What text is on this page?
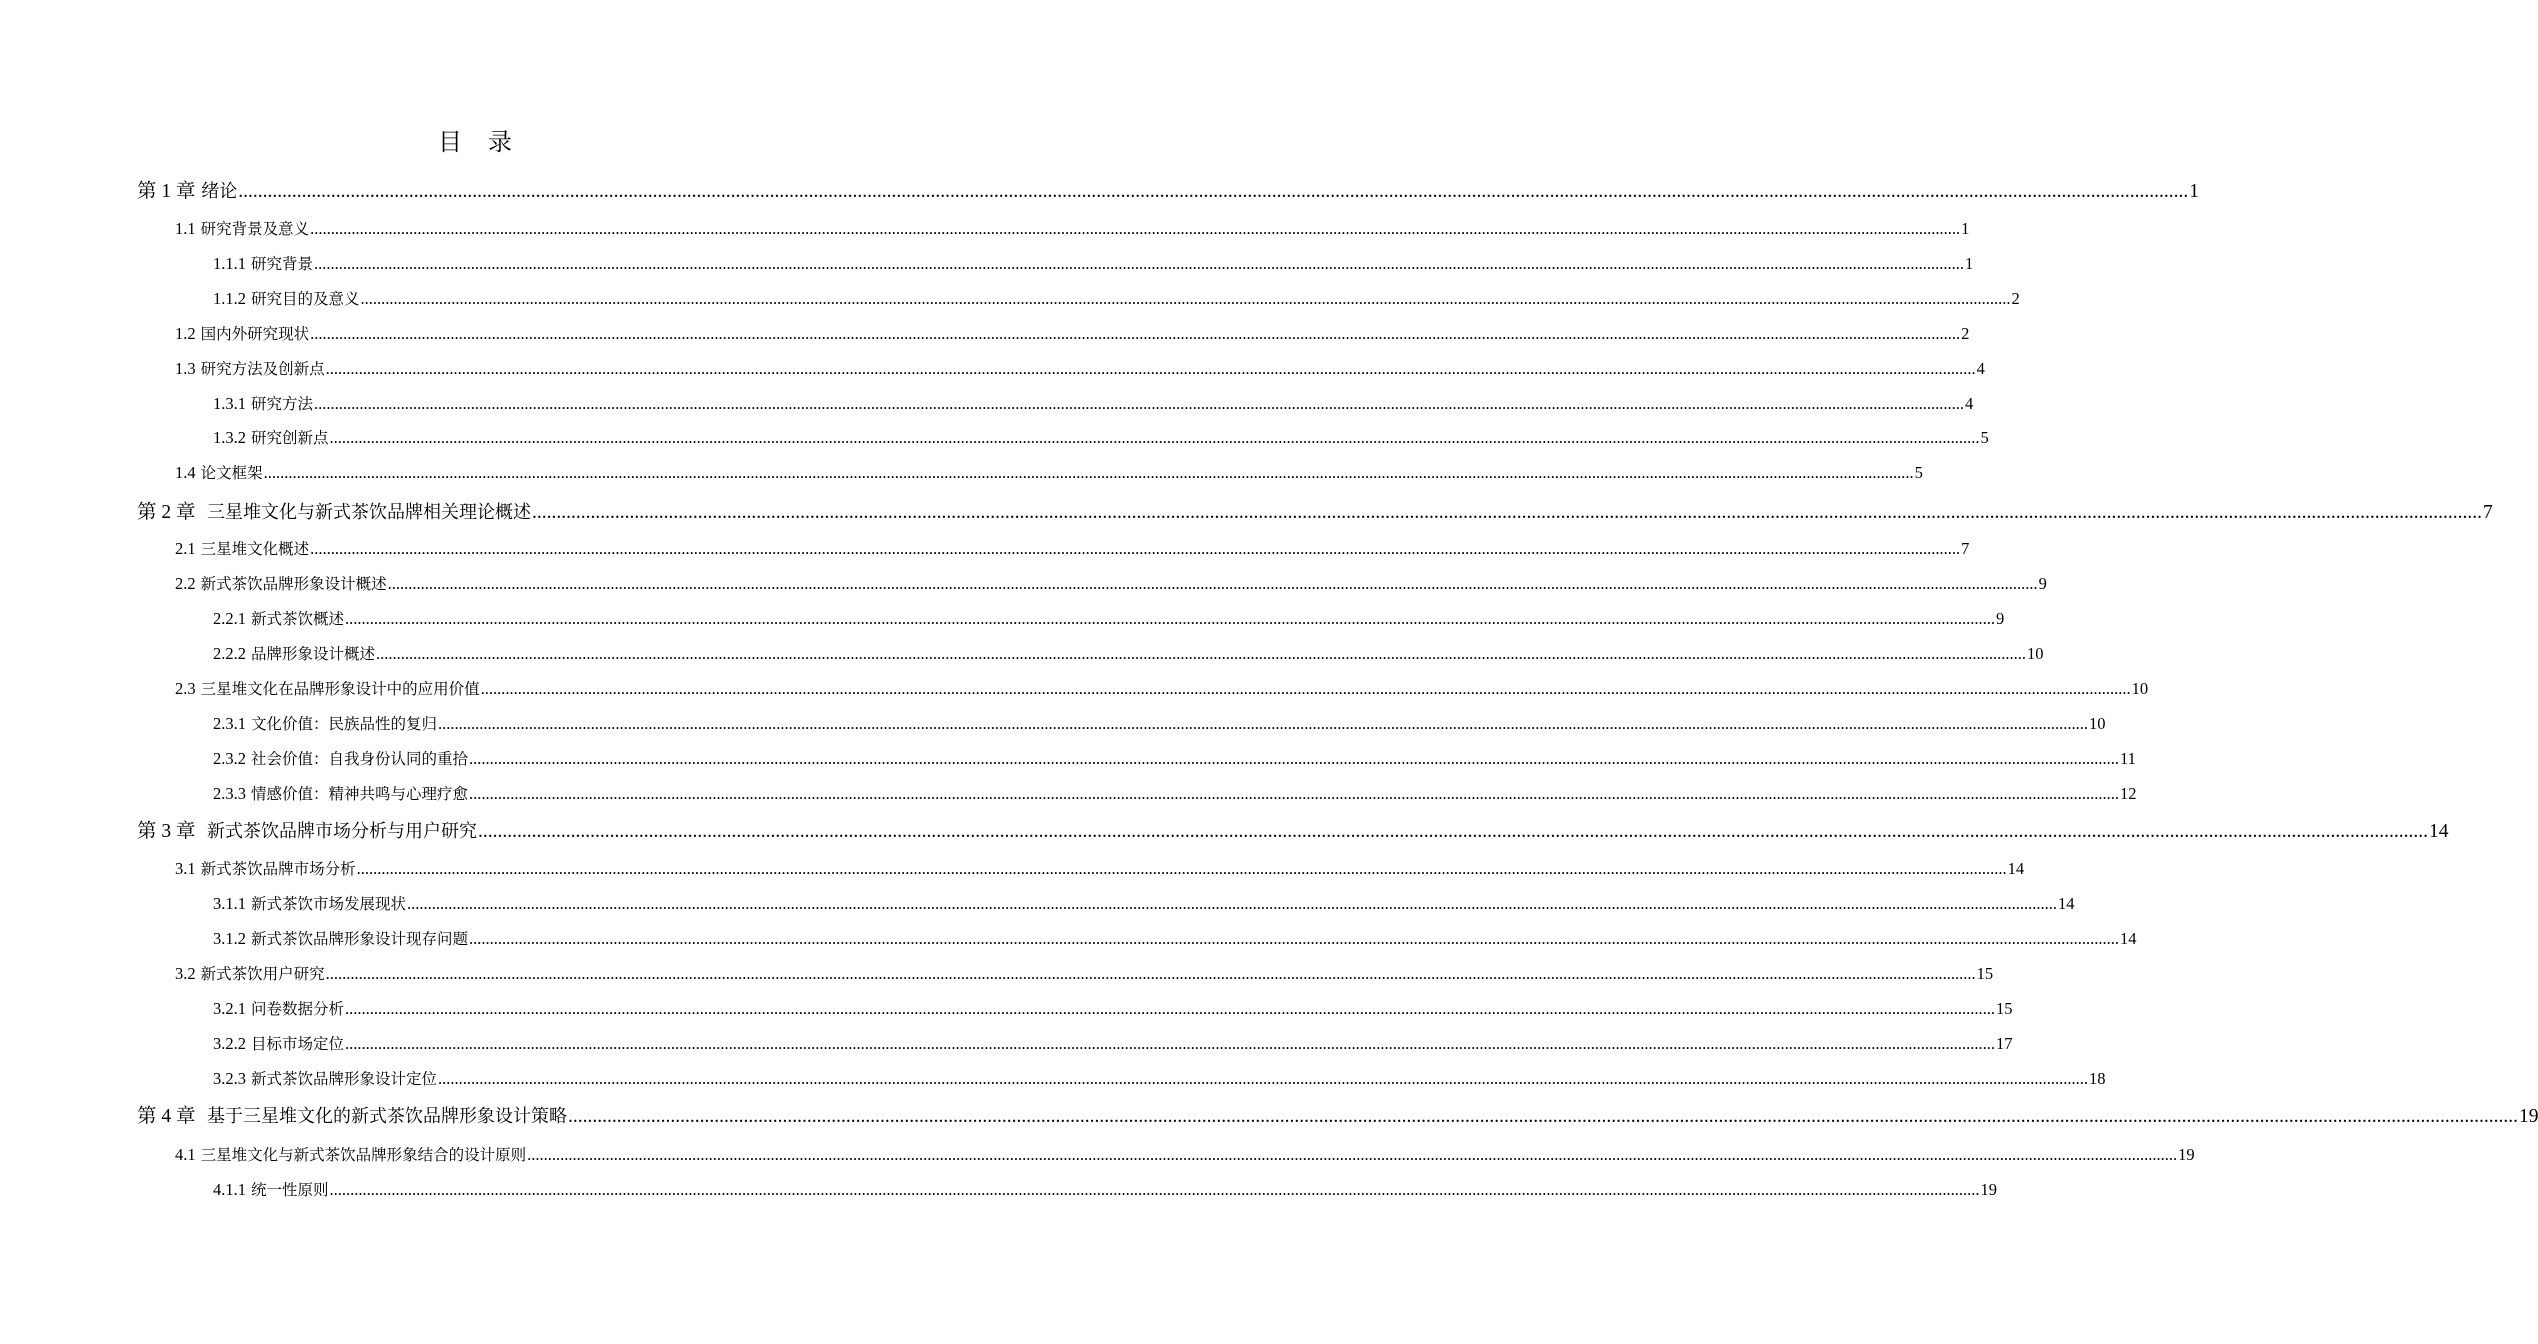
目 录
第 1 章 绪论 ................................................................................................................................................................................................................................................................................................................................................................................................................ 1
1.1 研究背景及意义 ................................................................................................................................................................................................................................................................................................................................................................................................................ 1
1.1.1 研究背景 ................................................................................................................................................................................................................................................................................................................................................................................................................ 1
1.1.2 研究目的及意义 ................................................................................................................................................................................................................................................................................................................................................................................................................ 2
1.2 国内外研究现状 ................................................................................................................................................................................................................................................................................................................................................................................................................ 2
1.3 研究方法及创新点 ................................................................................................................................................................................................................................................................................................................................................................................................................ 4
1.3.1 研究方法 ................................................................................................................................................................................................................................................................................................................................................................................................................ 4
1.3.2 研究创新点 ................................................................................................................................................................................................................................................................................................................................................................................................................ 5
1.4 论文框架 ................................................................................................................................................................................................................................................................................................................................................................................................................ 5
第 2 章 三星堆文化与新式茶饮品牌相关理论概述 ................................................................................................................................................................................................................................................................................................................................................................................................................ 7
2.1 三星堆文化概述 ................................................................................................................................................................................................................................................................................................................................................................................................................ 7
2.2 新式茶饮品牌形象设计概述 ................................................................................................................................................................................................................................................................................................................................................................................................................ 9
2.2.1 新式茶饮概述 ................................................................................................................................................................................................................................................................................................................................................................................................................ 9
2.2.2 品牌形象设计概述 ................................................................................................................................................................................................................................................................................................................................................................................................................ 10
2.3 三星堆文化在品牌形象设计中的应用价值 ................................................................................................................................................................................................................................................................................................................................................................................................................ 10
2.3.1 文化价值：民族品性的复归 ................................................................................................................................................................................................................................................................................................................................................................................................................ 10
2.3.2 社会价值：自我身份认同的重拾 ................................................................................................................................................................................................................................................................................................................................................................................................................ 11
2.3.3 情感价值：精神共鸣与心理疗愈 ................................................................................................................................................................................................................................................................................................................................................................................................................ 12
第 3 章 新式茶饮品牌市场分析与用户研究 ................................................................................................................................................................................................................................................................................................................................................................................................................ 14
3.1 新式茶饮品牌市场分析 ................................................................................................................................................................................................................................................................................................................................................................................................................ 14
3.1.1 新式茶饮市场发展现状 ................................................................................................................................................................................................................................................................................................................................................................................................................ 14
3.1.2 新式茶饮品牌形象设计现存问题 ................................................................................................................................................................................................................................................................................................................................................................................................................ 14
3.2 新式茶饮用户研究 ................................................................................................................................................................................................................................................................................................................................................................................................................ 15
3.2.1 问卷数据分析 ................................................................................................................................................................................................................................................................................................................................................................................................................ 15
3.2.2 目标市场定位 ................................................................................................................................................................................................................................................................................................................................................................................................................ 17
3.2.3 新式茶饮品牌形象设计定位 ................................................................................................................................................................................................................................................................................................................................................................................................................ 18
第 4 章 基于三星堆文化的新式茶饮品牌形象设计策略 ................................................................................................................................................................................................................................................................................................................................................................................................................ 19
4.1 三星堆文化与新式茶饮品牌形象结合的设计原则 ................................................................................................................................................................................................................................................................................................................................................................................................................ 19
4.1.1 统一性原则 ................................................................................................................................................................................................................................................................................................................................................................................................................ 19
